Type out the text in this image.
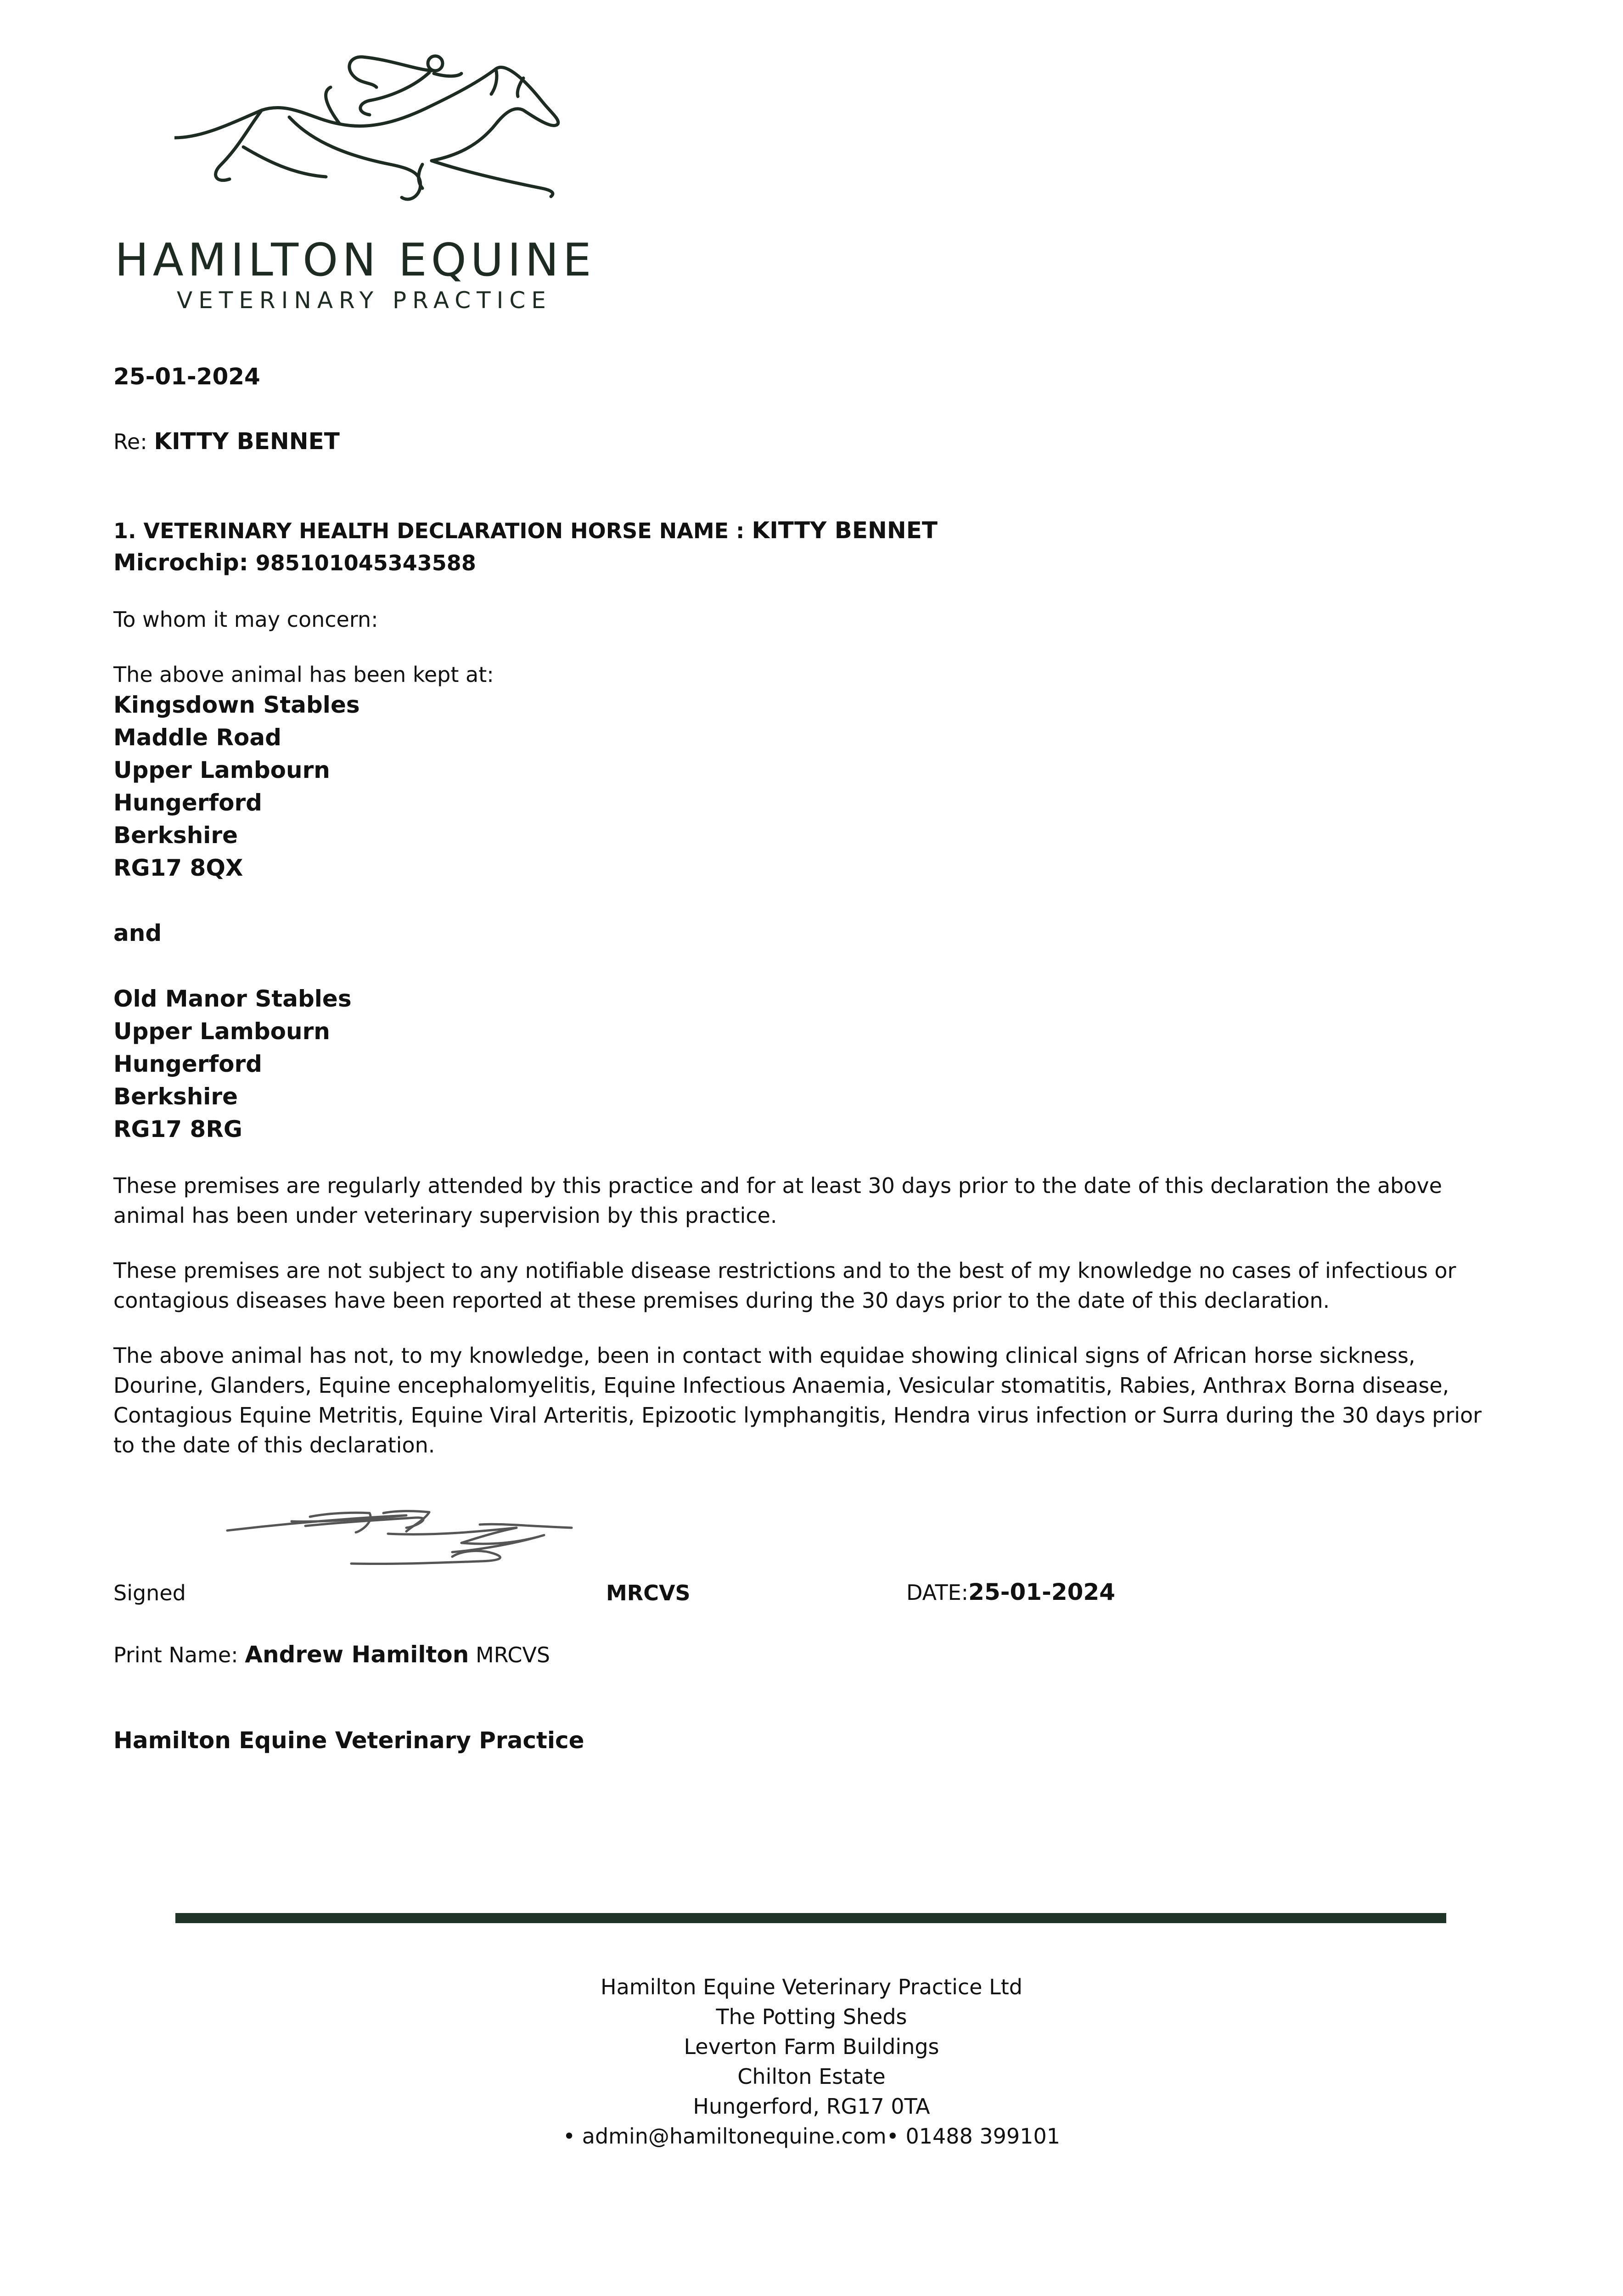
HAMILTON EQUINE
VETERINARY PRACTICE
25-01-2024
Re: KITTY BENNET
1. VETERINARY HEALTH DECLARATION HORSE NAME : KITTY BENNET
Microchip: 985101045343588
To whom it may concern:
The above animal has been kept at:
Kingsdown Stables
Maddle Road
Upper Lambourn
Hungerford
Berkshire
RG17 8QX
and
Old Manor Stables
Upper Lambourn
Hungerford
Berkshire
RG17 8RG
These premises are regularly attended by this practice and for at least 30 days prior to the date of this declaration the above animal has been under veterinary supervision by this practice.
These premises are not subject to any notifiable disease restrictions and to the best of my knowledge no cases of infectious or contagious diseases have been reported at these premises during the 30 days prior to the date of this declaration.
The above animal has not, to my knowledge, been in contact with equidae showing clinical signs of African horse sickness, Dourine, Glanders, Equine encephalomyelitis, Equine Infectious Anaemia, Vesicular stomatitis, Rabies, Anthrax Borna disease, Contagious Equine Metritis, Equine Viral Arteritis, Epizootic lymphangitis, Hendra virus infection or Surra during the 30 days prior to the date of this declaration.
Signed	MRCVS	DATE:25-01-2024
Print Name: Andrew Hamilton MRCVS
Hamilton Equine Veterinary Practice
Hamilton Equine Veterinary Practice Ltd
The Potting Sheds
Leverton Farm Buildings
Chilton Estate
Hungerford, RG17 0TA
• admin@hamiltonequine.com• 01488 399101
